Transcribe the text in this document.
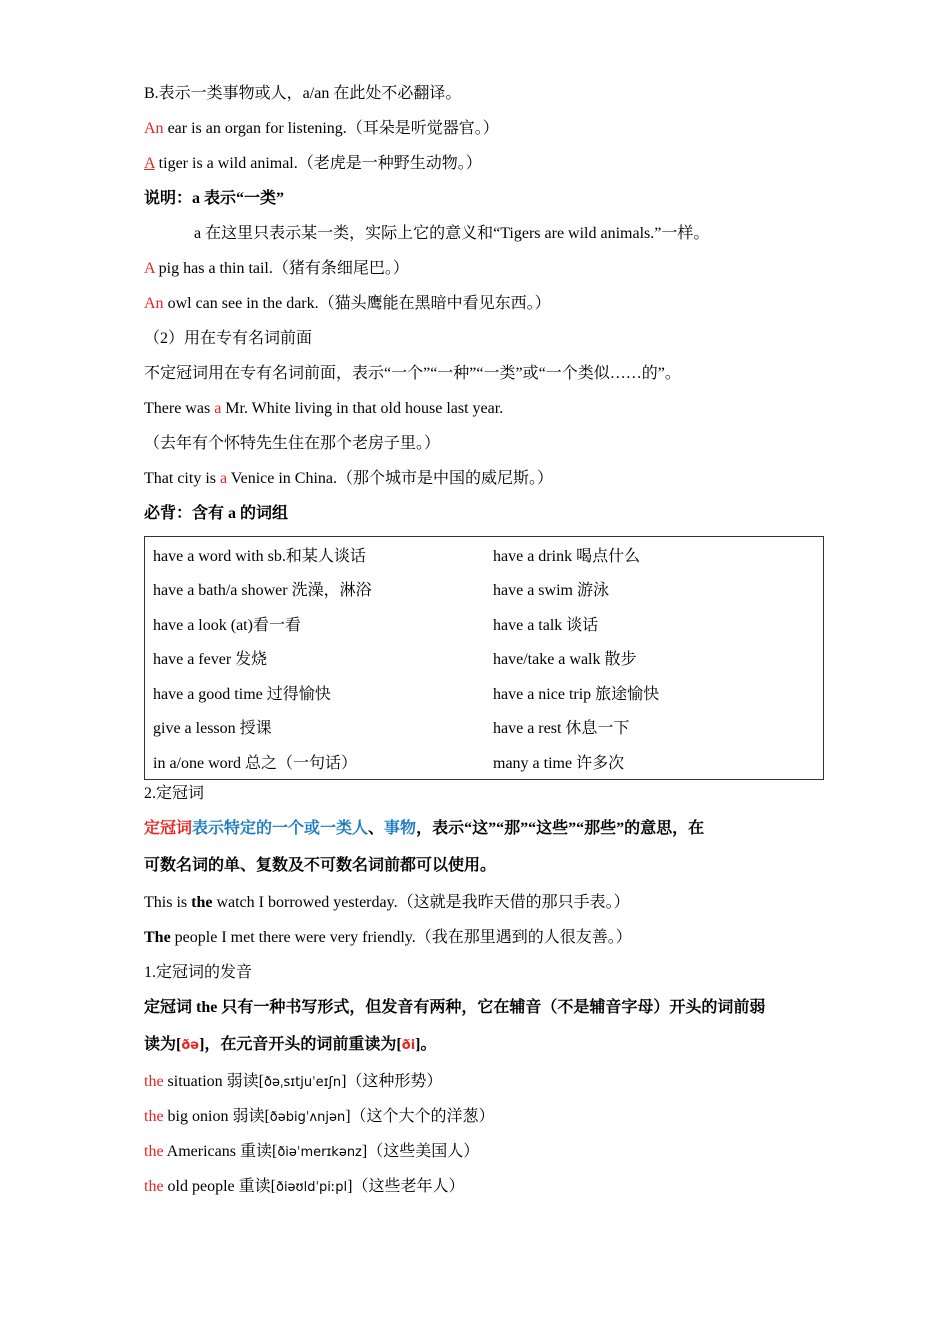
B.表示一类事物或人，a/an 在此处不必翻译。
An ear is an organ for listening.（耳朵是听觉器官。）
A tiger is a wild animal.（老虎是一种野生动物。）
说明：a 表示“一类”
a 在这里只表示某一类，实际上它的意义和“Tigers are wild animals.”一样。
A pig has a thin tail.（猪有条细尾巴。）
An owl can see in the dark.（猫头鹰能在黑暗中看见东西。）
（2）用在专有名词前面
不定冠词用在专有名词前面，表示“一个”“一种”“一类”或“一个类似……的”。
There was a Mr. White living in that old house last year.
（去年有个怀特先生住在那个老房子里。）
That city is a Venice in China.（那个城市是中国的威尼斯。）
必背：含有 a 的词组
have a word with sb.和某人谈话	have a drink 喝点什么
have a bath/a shower 洗澡，淋浴	have a swim 游泳
have a look (at)看一看	have a talk 谈话
have a fever 发烧	have/take a walk 散步
have a good time 过得愉快	have a nice trip 旅途愉快
give a lesson 授课	have a rest 休息一下
in a/one word 总之（一句话）	many a time 许多次
2.定冠词
定冠词表示特定的一个或一类人、事物，表示“这”“那”“这些”“那些”的意思，在
可数名词的单、复数及不可数名词前都可以使用。
This is the watch I borrowed yesterday.（这就是我昨天借的那只手表。）
The people I met there were very friendly.（我在那里遇到的人很友善。）
1.定冠词的发音
定冠词 the 只有一种书写形式，但发音有两种，它在辅音（不是辅音字母）开头的词前弱
读为[ðə]，在元音开头的词前重读为[ði]。
the situation 弱读[ðəˌsɪtjuˈeɪʃn]（这种形势）
the big onion 弱读[ðəbigˈʌnjən]（这个大个的洋葱）
the Americans 重读[ðiəˈmerɪkənz]（这些美国人）
the old people 重读[ðiəʊldˈpiːpl]（这些老年人）
